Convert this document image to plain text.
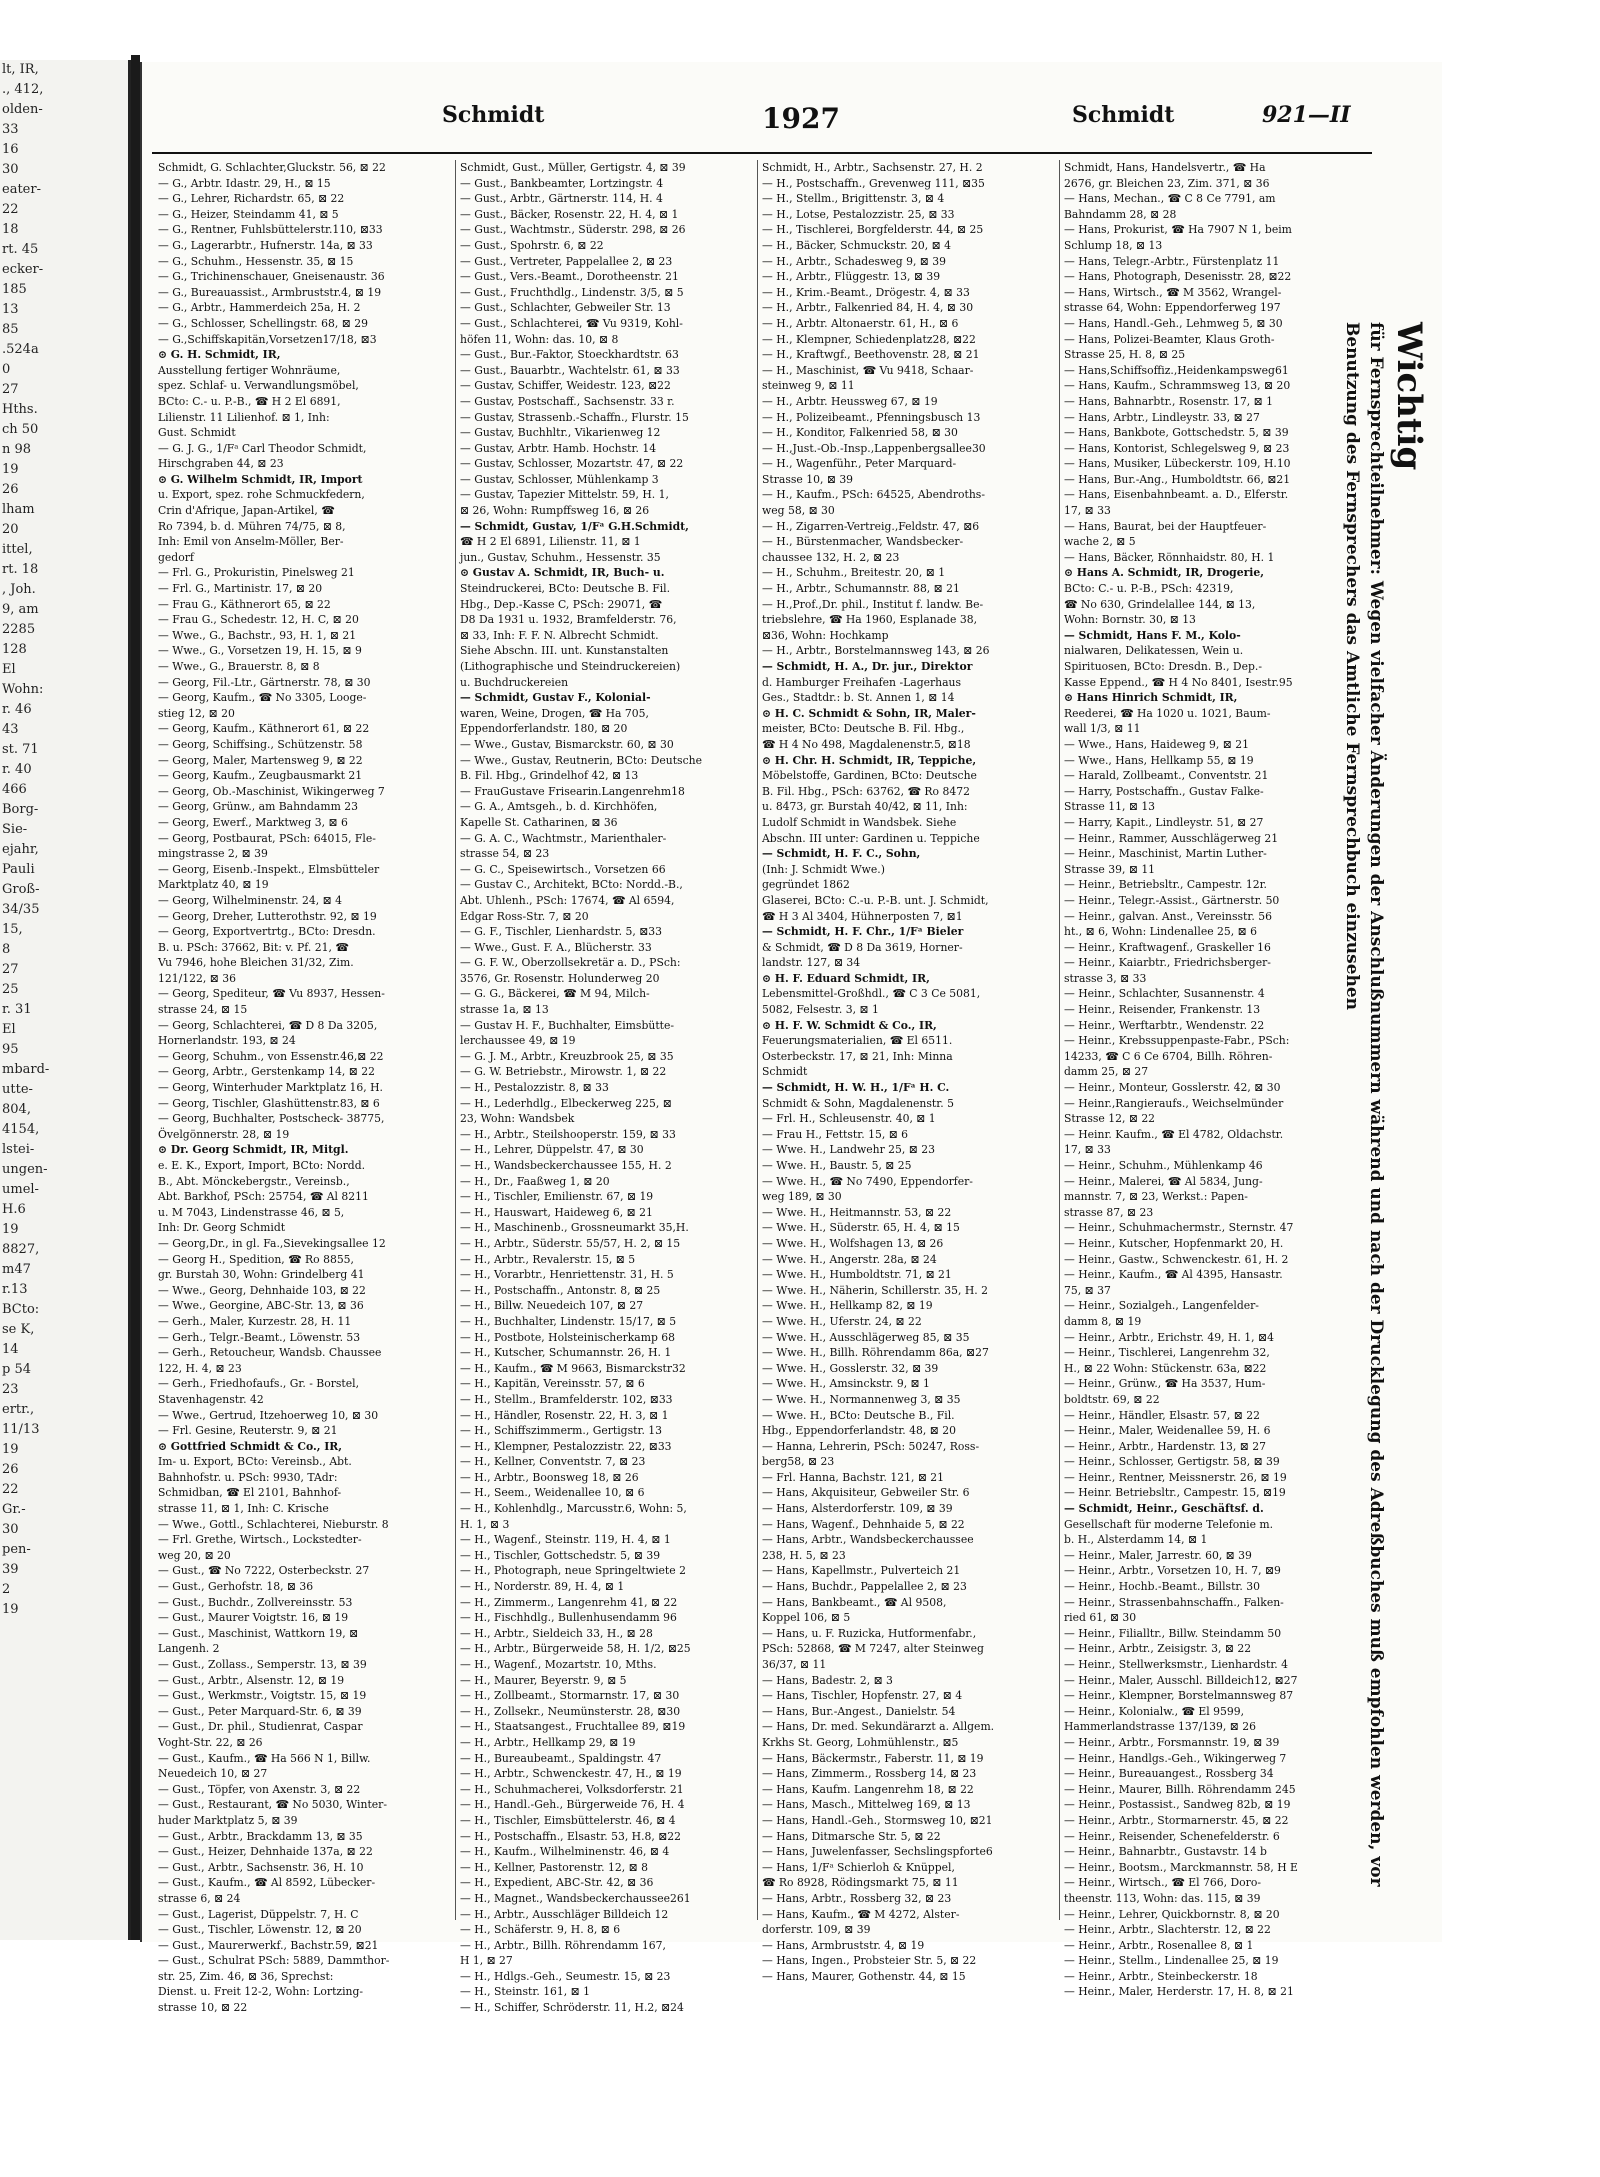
lt, IR,
., 412,
olden-
33
16
30
eater-
22
18
rt. 45
ecker-
185
13
85
.524a
0
27
Hths.
ch 50
n 98
19
26
lham
20
ittel,
rt. 18
, Joh.
9, am
2285
128
El
Wohn:
r. 46
43
st. 71
r. 40
466
Borg-
Sie-
ejahr,
Pauli
Groß-
34/35
15,
8
27
25
r. 31
El
95
mbard-
utte-
804,
4154,
lstei-
ungen-
umel-
H.6
19
8827,
m47
r.13
BCto:
se K,
14
p 54
23
ertr.,
11/13
19
26
22
Gr.-
30
pen-
39
2
19
Schmidt	1927	Schmidt	921—II
Schmidt, G. Schlachter,Gluckstr. 56, ⊠ 22
— G., Arbtr. Idastr. 29, H., ⊠ 15
— G., Lehrer, Richardstr. 65, ⊠ 22
— G., Heizer, Steindamm 41, ⊠ 5
— G., Rentner, Fuhlsbüttelerstr.110, ⊠33
— G., Lagerarbtr., Hufnerstr. 14a, ⊠ 33
— G., Schuhm., Hessenstr. 35, ⊠ 15
— G., Trichinenschauer, Gneisenaustr. 36
— G., Bureauassist., Armbruststr.4, ⊠ 19
— G., Arbtr., Hammerdeich 25a, H. 2
— G., Schlosser, Schellingstr. 68, ⊠ 29
— G.,Schiffskapitän,Vorsetzen17/18, ⊠3
⊙ G. H. Schmidt, IR,
Ausstellung fertiger Wohnräume,
spez. Schlaf- u. Verwandlungsmöbel,
BCto: C.- u. P.-B., ☎ H 2 El 6891,
Lilienstr. 11 Lilienhof. ⊠ 1, Inh:
Gust. Schmidt
— G. J. G., 1/Fᵃ Carl Theodor Schmidt,
Hirschgraben 44, ⊠ 23
⊙ G. Wilhelm Schmidt, IR, Import
u. Export, spez. rohe Schmuckfedern,
Crin d'Afrique, Japan-Artikel, ☎
Ro 7394, b. d. Mühren 74/75, ⊠ 8,
Inh: Emil von Anselm-Möller, Ber-
gedorf
— Frl. G., Prokuristin, Pinelsweg 21
— Frl. G., Martinistr. 17, ⊠ 20
— Frau G., Käthnerort 65, ⊠ 22
— Frau G., Schedestr. 12, H. C, ⊠ 20
— Wwe., G., Bachstr., 93, H. 1, ⊠ 21
— Wwe., G., Vorsetzen 19, H. 15, ⊠ 9
— Wwe., G., Brauerstr. 8, ⊠ 8
— Georg, Fil.-Ltr., Gärtnerstr. 78, ⊠ 30
— Georg, Kaufm., ☎ No 3305, Looge-
stieg 12, ⊠ 20
— Georg, Kaufm., Käthnerort 61, ⊠ 22
— Georg, Schiffsing., Schützenstr. 58
— Georg, Maler, Martensweg 9, ⊠ 22
— Georg, Kaufm., Zeugbausmarkt 21
— Georg, Ob.-Maschinist, Wikingerweg 7
— Georg, Grünw., am Bahndamm 23
— Georg, Ewerf., Marktweg 3, ⊠ 6
— Georg, Postbaurat, PSch: 64015, Fle-
mingstrasse 2, ⊠ 39
— Georg, Eisenb.-Inspekt., Elmsbütteler
Marktplatz 40, ⊠ 19
— Georg, Wilhelminenstr. 24, ⊠ 4
— Georg, Dreher, Lutterothstr. 92, ⊠ 19
— Georg, Exportvertrtg., BCto: Dresdn.
B. u. PSch: 37662, Bit: v. Pf. 21, ☎
Vu 7946, hohe Bleichen 31/32, Zim.
121/122, ⊠ 36
— Georg, Spediteur, ☎ Vu 8937, Hessen-
strasse 24, ⊠ 15
— Georg, Schlachterei, ☎ D 8 Da 3205,
Hornerlandstr. 193, ⊠ 24
— Georg, Schuhm., von Essenstr.46,⊠ 22
— Georg, Arbtr., Gerstenkamp 14, ⊠ 22
— Georg, Winterhuder Marktplatz 16, H.
— Georg, Tischler, Glashüttenstr.83, ⊠ 6
— Georg, Buchhalter, Postscheck- 38775,
Övelgönnerstr. 28, ⊠ 19
⊙ Dr. Georg Schmidt, IR, Mitgl.
e. E. K., Export, Import, BCto: Nordd.
B., Abt. Mönckebergstr., Vereinsb.,
Abt. Barkhof, PSch: 25754, ☎ Al 8211
u. M 7043, Lindenstrasse 46, ⊠ 5,
Inh: Dr. Georg Schmidt
— Georg,Dr., in gl. Fa.,Sievekingsallee 12
— Georg H., Spedition, ☎ Ro 8855,
gr. Burstah 30, Wohn: Grindelberg 41
— Wwe., Georg, Dehnhaide 103, ⊠ 22
— Wwe., Georgine, ABC-Str. 13, ⊠ 36
— Gerh., Maler, Kurzestr. 28, H. 11
— Gerh., Telgr.-Beamt., Löwenstr. 53
— Gerh., Retoucheur, Wandsb. Chaussee
122, H. 4, ⊠ 23
— Gerh., Friedhofaufs., Gr. - Borstel,
Stavenhagenstr. 42
— Wwe., Gertrud, Itzehoerweg 10, ⊠ 30
— Frl. Gesine, Reuterstr. 9, ⊠ 21
⊙ Gottfried Schmidt & Co., IR,
Im- u. Export, BCto: Vereinsb., Abt.
Bahnhofstr. u. PSch: 9930, TAdr:
Schmidban, ☎ El 2101, Bahnhof-
strasse 11, ⊠ 1, Inh: C. Krische
— Wwe., Gottl., Schlachterei, Nieburstr. 8
— Frl. Grethe, Wirtsch., Lockstedter-
weg 20, ⊠ 20
— Gust., ☎ No 7222, Osterbeckstr. 27
— Gust., Gerhofstr. 18, ⊠ 36
— Gust., Buchdr., Zollvereinsstr. 53
— Gust., Maurer Voigtstr. 16, ⊠ 19
— Gust., Maschinist, Wattkorn 19, ⊠
Langenh. 2
— Gust., Zollass., Semperstr. 13, ⊠ 39
— Gust., Arbtr., Alsenstr. 12, ⊠ 19
— Gust., Werkmstr., Voigtstr. 15, ⊠ 19
— Gust., Peter Marquard-Str. 6, ⊠ 39
— Gust., Dr. phil., Studienrat, Caspar
Voght-Str. 22, ⊠ 26
— Gust., Kaufm., ☎ Ha 566 N 1, Billw.
Neuedeich 10, ⊠ 27
— Gust., Töpfer, von Axenstr. 3, ⊠ 22
— Gust., Restaurant, ☎ No 5030, Winter-
huder Marktplatz 5, ⊠ 39
— Gust., Arbtr., Brackdamm 13, ⊠ 35
— Gust., Heizer, Dehnhaide 137a, ⊠ 22
— Gust., Arbtr., Sachsenstr. 36, H. 10
— Gust., Kaufm., ☎ Al 8592, Lübecker-
strasse 6, ⊠ 24
— Gust., Lagerist, Düppelstr. 7, H. C
— Gust., Tischler, Löwenstr. 12, ⊠ 20
— Gust., Maurerwerkf., Bachstr.59, ⊠21
— Gust., Schulrat PSch: 5889, Dammthor-
str. 25, Zim. 46, ⊠ 36, Sprechst:
Dienst. u. Freit 12-2, Wohn: Lortzing-
strasse 10, ⊠ 22
Schmidt, Gust., Müller, Gertigstr. 4, ⊠ 39
— Gust., Bankbeamter, Lortzingstr. 4
— Gust., Arbtr., Gärtnerstr. 114, H. 4
— Gust., Bäcker, Rosenstr. 22, H. 4, ⊠ 1
— Gust., Wachtmstr., Süderstr. 298, ⊠ 26
— Gust., Spohrstr. 6, ⊠ 22
— Gust., Vertreter, Pappelallee 2, ⊠ 23
— Gust., Vers.-Beamt., Dorotheenstr. 21
— Gust., Fruchthdlg., Lindenstr. 3/5, ⊠ 5
— Gust., Schlachter, Gebweiler Str. 13
— Gust., Schlachterei, ☎ Vu 9319, Kohl-
höfen 11, Wohn: das. 10, ⊠ 8
— Gust., Bur.-Faktor, Stoeckhardtstr. 63
— Gust., Bauarbtr., Wachtelstr. 61, ⊠ 33
— Gustav, Schiffer, Weidestr. 123, ⊠22
— Gustav, Postschaff., Sachsenstr. 33 r.
— Gustav, Strassenb.-Schaffn., Flurstr. 15
— Gustav, Buchhltr., Vikarienweg 12
— Gustav, Arbtr. Hamb. Hochstr. 14
— Gustav, Schlosser, Mozartstr. 47, ⊠ 22
— Gustav, Schlosser, Mühlenkamp 3
— Gustav, Tapezier Mittelstr. 59, H. 1,
⊠ 26, Wohn: Rumpffsweg 16, ⊠ 26
— Schmidt, Gustav, 1/Fᵃ G.H.Schmidt,
☎ H 2 El 6891, Lilienstr. 11, ⊠ 1
jun., Gustav, Schuhm., Hessenstr. 35
⊙ Gustav A. Schmidt, IR, Buch- u.
Steindruckerei, BCto: Deutsche B. Fil.
Hbg., Dep.-Kasse C, PSch: 29071, ☎
D8 Da 1931 u. 1932, Bramfelderstr. 76,
⊠ 33, Inh: F. F. N. Albrecht Schmidt.
Siehe Abschn. III. unt. Kunstanstalten
(Lithographische und Steindruckereien)
u. Buchdruckereien
— Schmidt, Gustav F., Kolonial-
waren, Weine, Drogen, ☎ Ha 705,
Eppendorferlandstr. 180, ⊠ 20
— Wwe., Gustav, Bismarckstr. 60, ⊠ 30
— Wwe., Gustav, Reutnerin, BCto: Deutsche
B. Fil. Hbg., Grindelhof 42, ⊠ 13
— FrauGustave Frisearin.Langenrehm18
— G. A., Amtsgeh., b. d. Kirchhöfen,
Kapelle St. Catharinen, ⊠ 36
— G. A. C., Wachtmstr., Marienthaler-
strasse 54, ⊠ 23
— G. C., Speisewirtsch., Vorsetzen 66
— Gustav C., Architekt, BCto: Nordd.-B.,
Abt. Uhlenh., PSch: 17674, ☎ Al 6594,
Edgar Ross-Str. 7, ⊠ 20
— G. F., Tischler, Lienhardstr. 5, ⊠33
— Wwe., Gust. F. A., Blücherstr. 33
— G. F. W., Oberzollsekretär a. D., PSch:
3576, Gr. Rosenstr. Holunderweg 20
— G. G., Bäckerei, ☎ M 94, Milch-
strasse 1a, ⊠ 13
— Gustav H. F., Buchhalter, Eimsbütte-
lerchaussee 49, ⊠ 19
— G. J. M., Arbtr., Kreuzbrook 25, ⊠ 35
— G. W. Betriebstr., Mirowstr. 1, ⊠ 22
— H., Pestalozzistr. 8, ⊠ 33
— H., Lederhdlg., Elbeckerweg 225, ⊠
23, Wohn: Wandsbek
— H., Arbtr., Steilshooperstr. 159, ⊠ 33
— H., Lehrer, Düppelstr. 47, ⊠ 30
— H., Wandsbeckerchaussee 155, H. 2
— H., Dr., Faaßweg 1, ⊠ 20
— H., Tischler, Emilienstr. 67, ⊠ 19
— H., Hauswart, Haideweg 6, ⊠ 21
— H., Maschinenb., Grossneumarkt 35,H.
— H., Arbtr., Süderstr. 55/57, H. 2, ⊠ 15
— H., Arbtr., Revalerstr. 15, ⊠ 5
— H., Vorarbtr., Henriettenstr. 31, H. 5
— H., Postschaffn., Antonstr. 8, ⊠ 25
— H., Billw. Neuedeich 107, ⊠ 27
— H., Buchhalter, Lindenstr. 15/17, ⊠ 5
— H., Postbote, Holsteinischerkamp 68
— H., Kutscher, Schumannstr. 26, H. 1
— H., Kaufm., ☎ M 9663, Bismarckstr32
— H., Kapitän, Vereinsstr. 57, ⊠ 6
— H., Stellm., Bramfelderstr. 102, ⊠33
— H., Händler, Rosenstr. 22, H. 3, ⊠ 1
— H., Schiffszimmerm., Gertigstr. 13
— H., Klempner, Pestalozzistr. 22, ⊠33
— H., Kellner, Conventstr. 7, ⊠ 23
— H., Arbtr., Boonsweg 18, ⊠ 26
— H., Seem., Weidenallee 10, ⊠ 6
— H., Kohlenhdlg., Marcusstr.6, Wohn: 5,
H. 1, ⊠ 3
— H., Wagenf., Steinstr. 119, H. 4, ⊠ 1
— H., Tischler, Gottschedstr. 5, ⊠ 39
— H., Photograph, neue Springeltwiete 2
— H., Norderstr. 89, H. 4, ⊠ 1
— H., Zimmerm., Langenrehm 41, ⊠ 22
— H., Fischhdlg., Bullenhusendamm 96
— H., Arbtr., Sieldeich 33, H., ⊠ 28
— H., Arbtr., Bürgerweide 58, H. 1/2, ⊠25
— H., Wagenf., Mozartstr. 10, Mths.
— H., Maurer, Beyerstr. 9, ⊠ 5
— H., Zollbeamt., Stormarnstr. 17, ⊠ 30
— H., Zollsekr., Neumünsterstr. 28, ⊠30
— H., Staatsangest., Fruchtallee 89, ⊠19
— H., Arbtr., Hellkamp 29, ⊠ 19
— H., Bureaubeamt., Spaldingstr. 47
— H., Arbtr., Schwenckestr. 47, H., ⊠ 19
— H., Schuhmacherei, Volksdorferstr. 21
— H., Handl.-Geh., Bürgerweide 76, H. 4
— H., Tischler, Eimsbüttelerstr. 46, ⊠ 4
— H., Postschaffn., Elsastr. 53, H.8, ⊠22
— H., Kaufm., Wilhelminenstr. 46, ⊠ 4
— H., Kellner, Pastorenstr. 12, ⊠ 8
— H., Expedient, ABC-Str. 42, ⊠ 36
— H., Magnet., Wandsbeckerchaussee261
— H., Arbtr., Ausschläger Billdeich 12
— H., Schäferstr. 9, H. 8, ⊠ 6
— H., Arbtr., Billh. Röhrendamm 167,
H 1, ⊠ 27
— H., Hdlgs.-Geh., Seumestr. 15, ⊠ 23
— H., Steinstr. 161, ⊠ 1
— H., Schiffer, Schröderstr. 11, H.2, ⊠24
Schmidt, H., Arbtr., Sachsenstr. 27, H. 2
— H., Postschaffn., Grevenweg 111, ⊠35
— H., Stellm., Brigittenstr. 3, ⊠ 4
— H., Lotse, Pestalozzistr. 25, ⊠ 33
— H., Tischlerei, Borgfelderstr. 44, ⊠ 25
— H., Bäcker, Schmuckstr. 20, ⊠ 4
— H., Arbtr., Schadesweg 9, ⊠ 39
— H., Arbtr., Flüggestr. 13, ⊠ 39
— H., Krim.-Beamt., Drögestr. 4, ⊠ 33
— H., Arbtr., Falkenried 84, H. 4, ⊠ 30
— H., Arbtr. Altonaerstr. 61, H., ⊠ 6
— H., Klempner, Schiedenplatz28, ⊠22
— H., Kraftwgf., Beethovenstr. 28, ⊠ 21
— H., Maschinist, ☎ Vu 9418, Schaar-
steinweg 9, ⊠ 11
— H., Arbtr. Heussweg 67, ⊠ 19
— H., Polizeibeamt., Pfenningsbusch 13
— H., Konditor, Falkenried 58, ⊠ 30
— H.,Just.-Ob.-Insp.,Lappenbergsallee30
— H., Wagenführ., Peter Marquard-
Strasse 10, ⊠ 39
— H., Kaufm., PSch: 64525, Abendroths-
weg 58, ⊠ 30
— H., Zigarren-Vertreig.,Feldstr. 47, ⊠6
— H., Bürstenmacher, Wandsbecker-
chaussee 132, H. 2, ⊠ 23
— H., Schuhm., Breitestr. 20, ⊠ 1
— H., Arbtr., Schumannstr. 88, ⊠ 21
— H.,Prof.,Dr. phil., Institut f. landw. Be-
triebslehre, ☎ Ha 1960, Esplanade 38,
⊠36, Wohn: Hochkamp
— H., Arbtr., Borstelmannsweg 143, ⊠ 26
— Schmidt, H. A., Dr. jur., Direktor
d. Hamburger Freihafen -Lagerhaus
Ges., Stadtdr.: b. St. Annen 1, ⊠ 14
⊙ H. C. Schmidt & Sohn, IR, Maler-
meister, BCto: Deutsche B. Fil. Hbg.,
☎ H 4 No 498, Magdalenenstr.5, ⊠18
⊙ H. Chr. H. Schmidt, IR, Teppiche,
Möbelstoffe, Gardinen, BCto: Deutsche
B. Fil. Hbg., PSch: 63762, ☎ Ro 8472
u. 8473, gr. Burstah 40/42, ⊠ 11, Inh:
Ludolf Schmidt in Wandsbek. Siehe
Abschn. III unter: Gardinen u. Teppiche
— Schmidt, H. F. C., Sohn,
(Inh: J. Schmidt Wwe.)
gegründet 1862
Glaserei, BCto: C.-u. P.-B. unt. J. Schmidt,
☎ H 3 Al 3404, Hühnerposten 7, ⊠1
— Schmidt, H. F. Chr., 1/Fᵃ Bieler
& Schmidt, ☎ D 8 Da 3619, Horner-
landstr. 127, ⊠ 34
⊙ H. F. Eduard Schmidt, IR,
Lebensmittel-Großhdl., ☎ C 3 Ce 5081,
5082, Felsestr. 3, ⊠ 1
⊙ H. F. W. Schmidt & Co., IR,
Feuerungsmaterialien, ☎ El 6511.
Osterbeckstr. 17, ⊠ 21, Inh: Minna
Schmidt
— Schmidt, H. W. H., 1/Fᵃ H. C.
Schmidt & Sohn, Magdalenenstr. 5
— Frl. H., Schleusenstr. 40, ⊠ 1
— Frau H., Fettstr. 15, ⊠ 6
— Wwe. H., Landwehr 25, ⊠ 23
— Wwe. H., Baustr. 5, ⊠ 25
— Wwe. H., ☎ No 7490, Eppendorfer-
weg 189, ⊠ 30
— Wwe. H., Heitmannstr. 53, ⊠ 22
— Wwe. H., Süderstr. 65, H. 4, ⊠ 15
— Wwe. H., Wolfshagen 13, ⊠ 26
— Wwe. H., Angerstr. 28a, ⊠ 24
— Wwe. H., Humboldtstr. 71, ⊠ 21
— Wwe. H., Näherin, Schillerstr. 35, H. 2
— Wwe. H., Hellkamp 82, ⊠ 19
— Wwe. H., Uferstr. 24, ⊠ 22
— Wwe. H., Ausschlägerweg 85, ⊠ 35
— Wwe. H., Billh. Röhrendamm 86a, ⊠27
— Wwe. H., Gosslerstr. 32, ⊠ 39
— Wwe. H., Amsinckstr. 9, ⊠ 1
— Wwe. H., Normannenweg 3, ⊠ 35
— Wwe. H., BCto: Deutsche B., Fil.
Hbg., Eppendorferlandstr. 48, ⊠ 20
— Hanna, Lehrerin, PSch: 50247, Ross-
berg58, ⊠ 23
— Frl. Hanna, Bachstr. 121, ⊠ 21
— Hans, Akquisiteur, Gebweiler Str. 6
— Hans, Alsterdorferstr. 109, ⊠ 39
— Hans, Wagenf., Dehnhaide 5, ⊠ 22
— Hans, Arbtr., Wandsbeckerchaussee
238, H. 5, ⊠ 23
— Hans, Kapellmstr., Pulverteich 21
— Hans, Buchdr., Pappelallee 2, ⊠ 23
— Hans, Bankbeamt., ☎ Al 9508,
Koppel 106, ⊠ 5
— Hans, u. F. Ruzicka, Hutformenfabr.,
PSch: 52868, ☎ M 7247, alter Steinweg
36/37, ⊠ 11
— Hans, Badestr. 2, ⊠ 3
— Hans, Tischler, Hopfenstr. 27, ⊠ 4
— Hans, Bur.-Angest., Danielstr. 54
— Hans, Dr. med. Sekundärarzt a. Allgem.
Krkhs St. Georg, Lohmühlenstr., ⊠5
— Hans, Bäckermstr., Faberstr. 11, ⊠ 19
— Hans, Zimmerm., Rossberg 14, ⊠ 23
— Hans, Kaufm. Langenrehm 18, ⊠ 22
— Hans, Masch., Mittelweg 169, ⊠ 13
— Hans, Handl.-Geh., Stormsweg 10, ⊠21
— Hans, Ditmarsche Str. 5, ⊠ 22
— Hans, Juwelenfasser, Sechslingspforte6
— Hans, 1/Fᵃ Schierloh & Knüppel,
☎ Ro 8928, Rödingsmarkt 75, ⊠ 11
— Hans, Arbtr., Rossberg 32, ⊠ 23
— Hans, Kaufm., ☎ M 4272, Alster-
dorferstr. 109, ⊠ 39
— Hans, Armbruststr. 4, ⊠ 19
— Hans, Ingen., Probsteier Str. 5, ⊠ 22
— Hans, Maurer, Gothenstr. 44, ⊠ 15
Schmidt, Hans, Handelsvertr., ☎ Ha
2676, gr. Bleichen 23, Zim. 371, ⊠ 36
— Hans, Mechan., ☎ C 8 Ce 7791, am
Bahndamm 28, ⊠ 28
— Hans, Prokurist, ☎ Ha 7907 N 1, beim
Schlump 18, ⊠ 13
— Hans, Telegr.-Arbtr., Fürstenplatz 11
— Hans, Photograph, Desenisstr. 28, ⊠22
— Hans, Wirtsch., ☎ M 3562, Wrangel-
strasse 64, Wohn: Eppendorferweg 197
— Hans, Handl.-Geh., Lehmweg 5, ⊠ 30
— Hans, Polizei-Beamter, Klaus Groth-
Strasse 25, H. 8, ⊠ 25
— Hans,Schiffsoffiz.,Heidenkampsweg61
— Hans, Kaufm., Schrammsweg 13, ⊠ 20
— Hans, Bahnarbtr., Rosenstr. 17, ⊠ 1
— Hans, Arbtr., Lindleystr. 33, ⊠ 27
— Hans, Bankbote, Gottschedstr. 5, ⊠ 39
— Hans, Kontorist, Schlegelsweg 9, ⊠ 23
— Hans, Musiker, Lübeckerstr. 109, H.10
— Hans, Bur.-Ang., Humboldtstr. 66, ⊠21
— Hans, Eisenbahnbeamt. a. D., Elferstr.
17, ⊠ 33
— Hans, Baurat, bei der Hauptfeuer-
wache 2, ⊠ 5
— Hans, Bäcker, Rönnhaidstr. 80, H. 1
⊙ Hans A. Schmidt, IR, Drogerie,
BCto: C.- u. P.-B., PSch: 42319,
☎ No 630, Grindelallee 144, ⊠ 13,
Wohn: Bornstr. 30, ⊠ 13
— Schmidt, Hans F. M., Kolo-
nialwaren, Delikatessen, Wein u.
Spirituosen, BCto: Dresdn. B., Dep.-
Kasse Eppend., ☎ H 4 No 8401, Isestr.95
⊙ Hans Hinrich Schmidt, IR,
Reederei, ☎ Ha 1020 u. 1021, Baum-
wall 1/3, ⊠ 11
— Wwe., Hans, Haideweg 9, ⊠ 21
— Wwe., Hans, Hellkamp 55, ⊠ 19
— Harald, Zollbeamt., Conventstr. 21
— Harry, Postschaffn., Gustav Falke-
Strasse 11, ⊠ 13
— Harry, Kapit., Lindleystr. 51, ⊠ 27
— Heinr., Rammer, Ausschlägerweg 21
— Heinr., Maschinist, Martin Luther-
Strasse 39, ⊠ 11
— Heinr., Betriebsltr., Campestr. 12r.
— Heinr., Telegr.-Assist., Gärtnerstr. 50
— Heinr., galvan. Anst., Vereinsstr. 56
ht., ⊠ 6, Wohn: Lindenallee 25, ⊠ 6
— Heinr., Kraftwagenf., Graskeller 16
— Heinr., Kaiarbtr., Friedrichsberger-
strasse 3, ⊠ 33
— Heinr., Schlachter, Susannenstr. 4
— Heinr., Reisender, Frankenstr. 13
— Heinr., Werftarbtr., Wendenstr. 22
— Heinr., Krebssuppenpaste-Fabr., PSch:
14233, ☎ C 6 Ce 6704, Billh. Röhren-
damm 25, ⊠ 27
— Heinr., Monteur, Gosslerstr. 42, ⊠ 30
— Heinr.,Rangieraufs., Weichselmünder
Strasse 12, ⊠ 22
— Heinr. Kaufm., ☎ El 4782, Oldachstr.
17, ⊠ 33
— Heinr., Schuhm., Mühlenkamp 46
— Heinr., Malerei, ☎ Al 5834, Jung-
mannstr. 7, ⊠ 23, Werkst.: Papen-
strasse 87, ⊠ 23
— Heinr., Schuhmachermstr., Sternstr. 47
— Heinr., Kutscher, Hopfenmarkt 20, H.
— Heinr., Gastw., Schwenckestr. 61, H. 2
— Heinr., Kaufm., ☎ Al 4395, Hansastr.
75, ⊠ 37
— Heinr., Sozialgeh., Langenfelder-
damm 8, ⊠ 19
— Heinr., Arbtr., Erichstr. 49, H. 1, ⊠4
— Heinr., Tischlerei, Langenrehm 32,
H., ⊠ 22 Wohn: Stückenstr. 63a, ⊠22
— Heinr., Grünw., ☎ Ha 3537, Hum-
boldtstr. 69, ⊠ 22
— Heinr., Händler, Elsastr. 57, ⊠ 22
— Heinr., Maler, Weidenallee 59, H. 6
— Heinr., Arbtr., Hardenstr. 13, ⊠ 27
— Heinr., Schlosser, Gertigstr. 58, ⊠ 39
— Heinr., Rentner, Meissnerstr. 26, ⊠ 19
— Heinr. Betriebsltr., Campestr. 15, ⊠19
— Schmidt, Heinr., Geschäftsf. d.
Gesellschaft für moderne Telefonie m.
b. H., Alsterdamm 14, ⊠ 1
— Heinr., Maler, Jarrestr. 60, ⊠ 39
— Heinr., Arbtr., Vorsetzen 10, H. 7, ⊠9
— Heinr., Hochb.-Beamt., Billstr. 30
— Heinr., Strassenbahnschaffn., Falken-
ried 61, ⊠ 30
— Heinr., Filialltr., Billw. Steindamm 50
— Heinr., Arbtr., Zeisigstr. 3, ⊠ 22
— Heinr., Stellwerksmstr., Lienhardstr. 4
— Heinr., Maler, Ausschl. Billdeich12, ⊠27
— Heinr., Klempner, Borstelmannsweg 87
— Heinr., Kolonialw., ☎ El 9599,
Hammerlandstrasse 137/139, ⊠ 26
— Heinr., Arbtr., Forsmannstr. 19, ⊠ 39
— Heinr., Handlgs.-Geh., Wikingerweg 7
— Heinr., Bureauangest., Rossberg 34
— Heinr., Maurer, Billh. Röhrendamm 245
— Heinr., Postassist., Sandweg 82b, ⊠ 19
— Heinr., Arbtr., Stormarnerstr. 45, ⊠ 22
— Heinr., Reisender, Schenefelderstr. 6
— Heinr., Bahnarbtr., Gustavstr. 14 b
— Heinr., Bootsm., Marckmannstr. 58, H E
— Heinr., Wirtsch., ☎ El 766, Doro-
theenstr. 113, Wohn: das. 115, ⊠ 39
— Heinr., Lehrer, Quickbornstr. 8, ⊠ 20
— Heinr., Arbtr., Slachterstr. 12, ⊠ 22
— Heinr., Arbtr., Rosenallee 8, ⊠ 1
— Heinr., Stellm., Lindenallee 25, ⊠ 19
— Heinr., Arbtr., Steinbeckerstr. 18
— Heinr., Maler, Herderstr. 17, H. 8, ⊠ 21
Wichtig
für Fernsprechteilnehmer: Wegen vielfacher Änderungen der Anschlußnummern während und nach der Drucklegung des Adreßbuches muß empfohlen werden, vor Benutzung des Fernsprechers das Amtliche Fernsprechbuch einzusehen
